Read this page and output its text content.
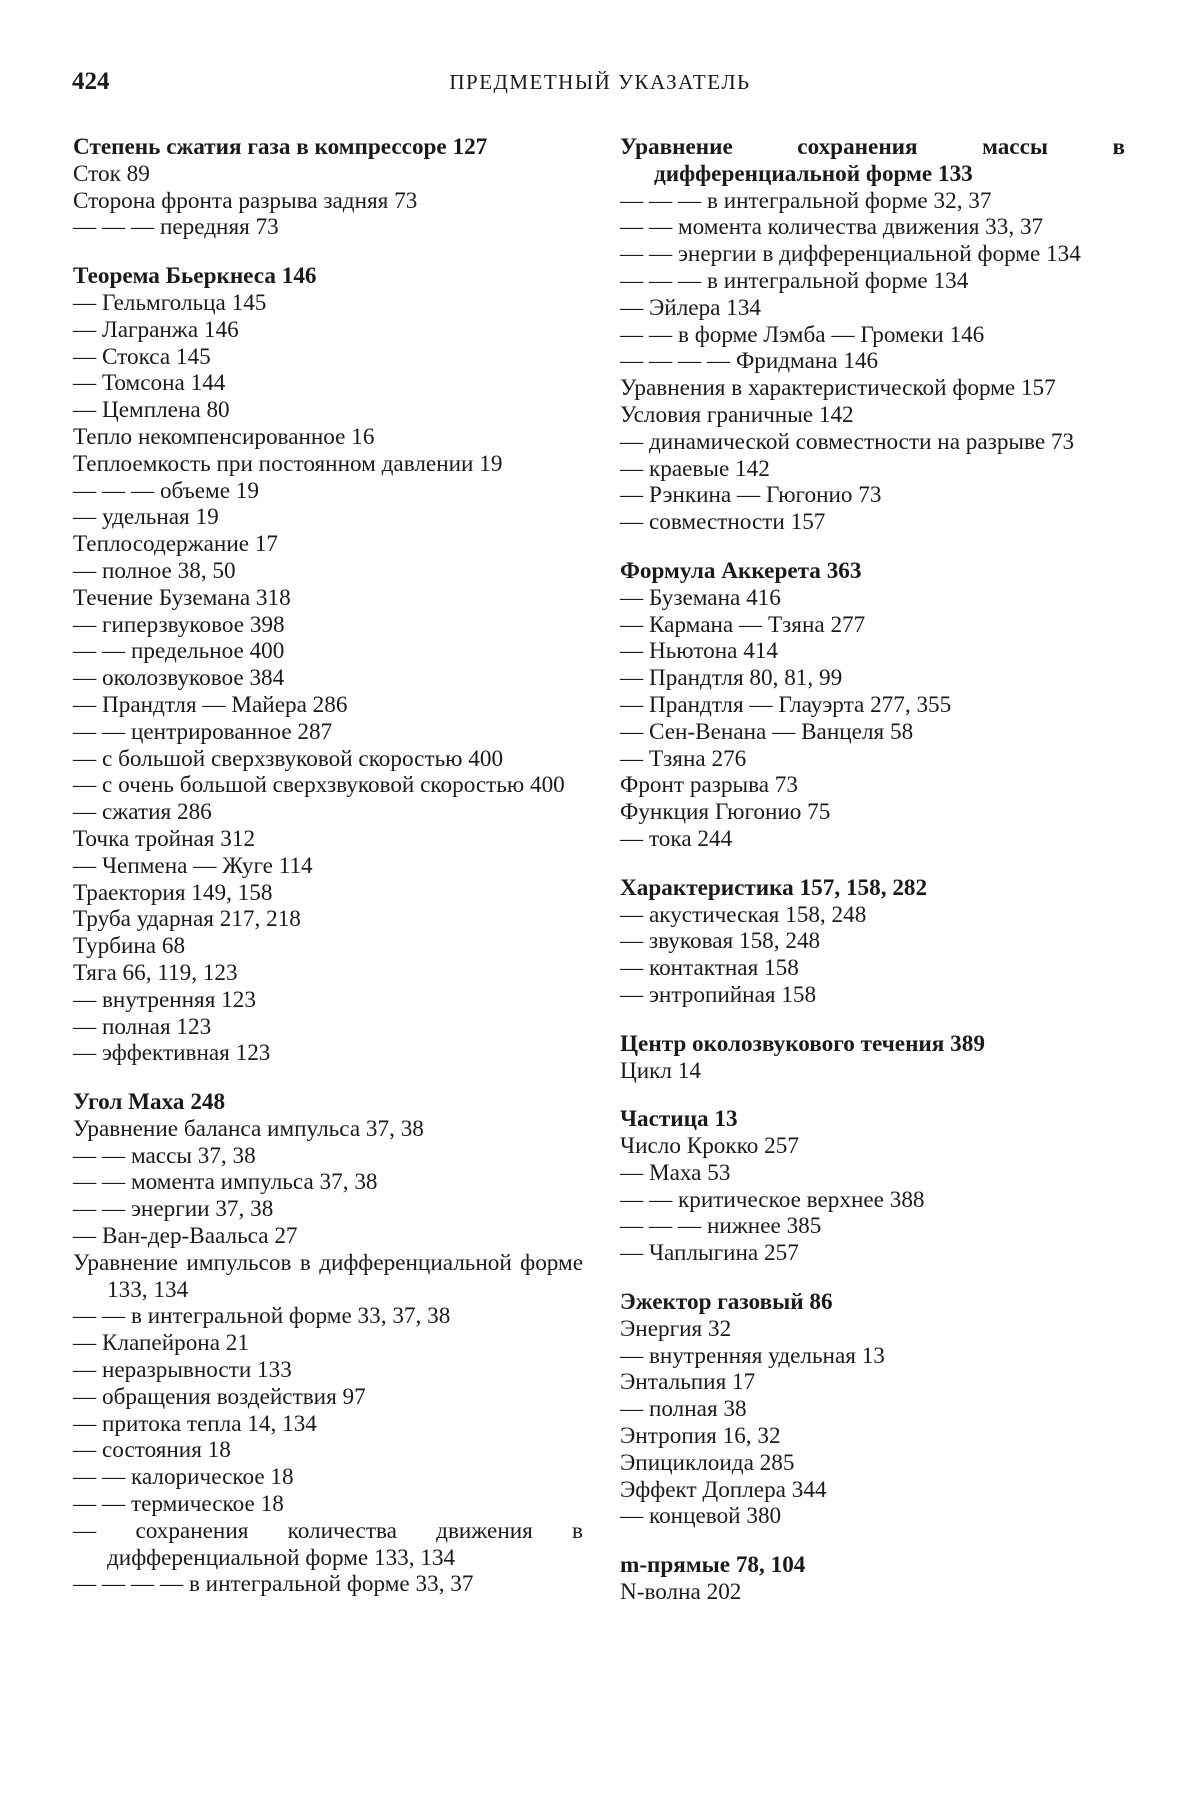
424	ПРЕДМЕТНЫЙ УКАЗАТЕЛЬ
Степень сжатия газа в компрессоре 127
Сток 89
Сторона фронта разрыва задняя 73
— — — передняя 73
Теорема Бьеркнеса 146
— Гельмгольца 145
— Лагранжа 146
— Стокса 145
— Томсона 144
— Цемплена 80
Тепло некомпенсированное 16
Теплоемкость при постоянном давлении 19
— — — объеме 19
— удельная 19
Теплосодержание 17
— полное 38, 50
Течение Буземана 318
— гиперзвуковое 398
— — предельное 400
— околозвуковое 384
— Прандтля — Майера 286
— — центрированное 287
— с большой сверхзвуковой скоростью 400
— с очень большой сверхзвуковой скоростью 400
— сжатия 286
Точка тройная 312
— Чепмена — Жуге 114
Траектория 149, 158
Труба ударная 217, 218
Турбина 68
Тяга 66, 119, 123
— внутренняя 123
— полная 123
— эффективная 123
Угол Маха 248
Уравнение баланса импульса 37, 38
— — массы 37, 38
— — момента импульса 37, 38
— — энергии 37, 38
— Ван-дер-Ваальса 27
Уравнение импульсов в дифференциальной форме 133, 134
— — в интегральной форме 33, 37, 38
— Клапейрона 21
— неразрывности 133
— обращения воздействия 97
— притока тепла 14, 134
— состояния 18
— — калорическое 18
— — термическое 18
— сохранения количества движения в дифференциальной форме 133, 134
— — — — в интегральной форме 33, 37
Уравнение сохранения массы в дифференциальной форме 133
— — — в интегральной форме 32, 37
— — момента количества движения 33, 37
— — энергии в дифференциальной форме 134
— — — в интегральной форме 134
— Эйлера 134
— — в форме Лэмба — Громеки 146
— — — — Фридмана 146
Уравнения в характеристической форме 157
Условия граничные 142
— динамической совместности на разрыве 73
— краевые 142
— Рэнкина — Гюгонио 73
— совместности 157
Формула Аккерета 363
— Буземана 416
— Кармана — Тзяна 277
— Ньютона 414
— Прандтля 80, 81, 99
— Прандтля — Глауэрта 277, 355
— Сен-Венана — Ванцеля 58
— Тзяна 276
Фронт разрыва 73
Функция Гюгонио 75
— тока 244
Характеристика 157, 158, 282
— акустическая 158, 248
— звуковая 158, 248
— контактная 158
— энтропийная 158
Центр околозвукового течения 389
Цикл 14
Частица 13
Число Крокко 257
— Маха 53
— — критическое верхнее 388
— — — нижнее 385
— Чаплыгина 257
Эжектор газовый 86
Энергия 32
— внутренняя удельная 13
Энтальпия 17
— полная 38
Энтропия 16, 32
Эпициклоида 285
Эффект Доплера 344
— концевой 380
m-прямые 78, 104
N-волна 202
